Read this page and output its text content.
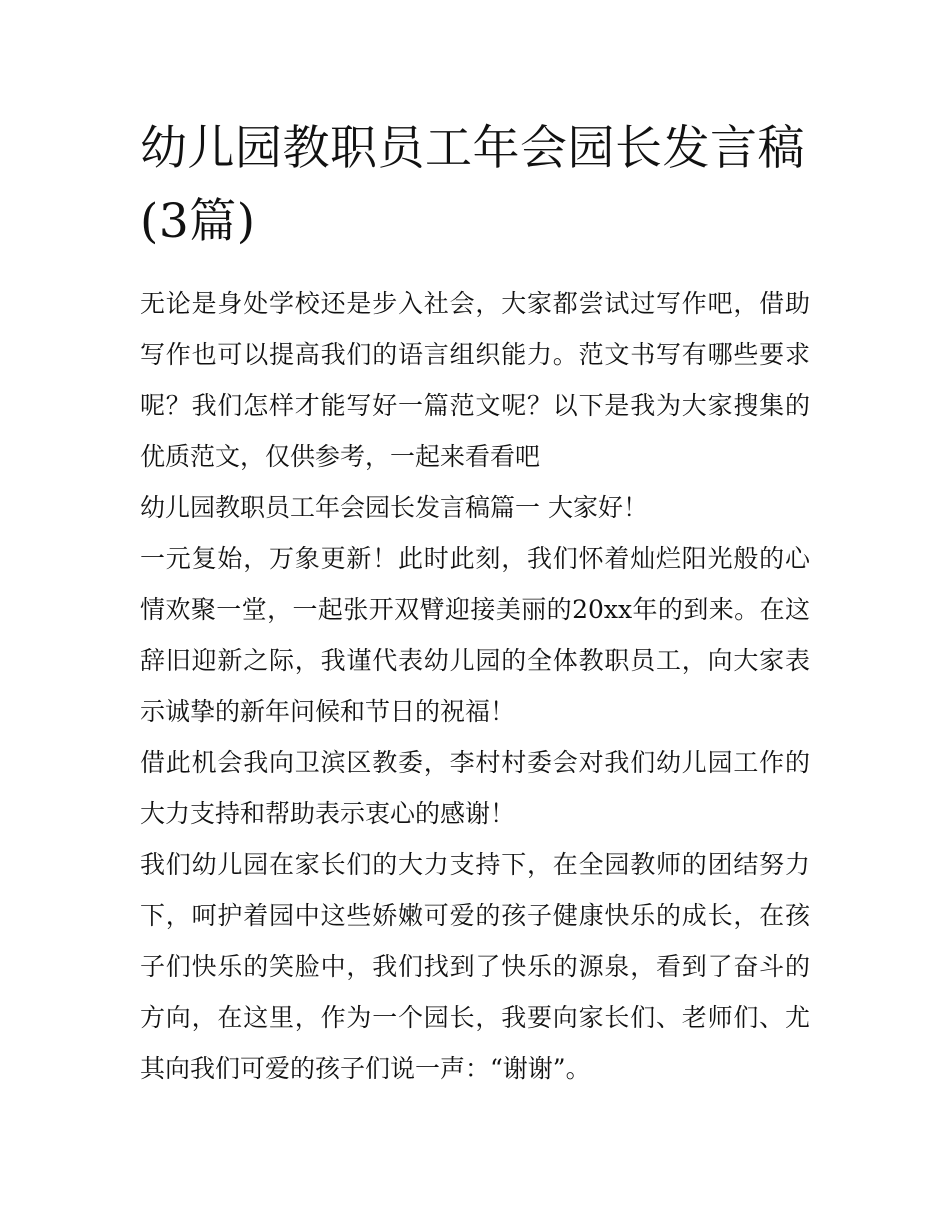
幼儿园教职员工年会园长发言稿(3篇)

无论是身处学校还是步入社会，大家都尝试过写作吧，借助写作也可以提高我们的语言组织能力。范文书写有哪些要求呢？我们怎样才能写好一篇范文呢？以下是我为大家搜集的优质范文，仅供参考，一起来看看吧

幼儿园教职员工年会园长发言稿篇一 大家好！

一元复始，万象更新！此时此刻，我们怀着灿烂阳光般的心情欢聚一堂，一起张开双臂迎接美丽的20xx年的到来。在这辞旧迎新之际，我谨代表幼儿园的全体教职员工，向大家表示诚挚的新年问候和节日的祝福！

借此机会我向卫滨区教委，李村村委会对我们幼儿园工作的大力支持和帮助表示衷心的感谢！

我们幼儿园在家长们的大力支持下，在全园教师的团结努力下，呵护着园中这些娇嫩可爱的孩子健康快乐的成长，在孩子们快乐的笑脸中，我们找到了快乐的源泉，看到了奋斗的方向，在这里，作为一个园长，我要向家长们、老师们、尤其向我们可爱的孩子们说一声：“谢谢”。
